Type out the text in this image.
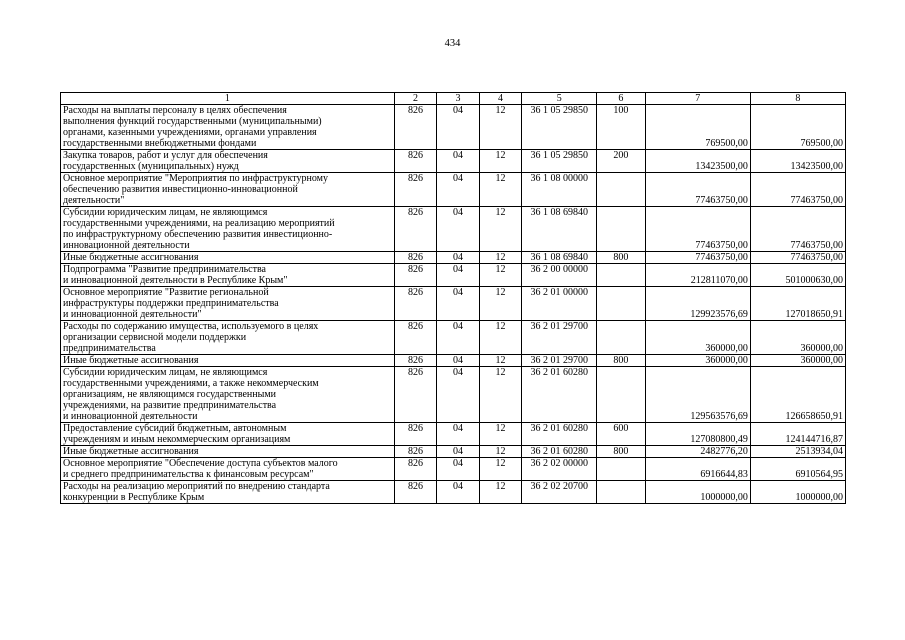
434
1	2	3	4	5	6	7	8
Расходы на выплаты персоналу в целях обеспечения
выполнения функций государственными (муниципальными)
органами, казенными учреждениями, органами управления
государственными внебюджетными фондами	826	04	12	36 1 05 29850	100	769500,00	769500,00
Закупка товаров, работ и услуг для обеспечения
государственных (муниципальных) нужд	826	04	12	36 1 05 29850	200	13423500,00	13423500,00
Основное мероприятие "Мероприятия по инфраструктурному
обеспечению развития инвестиционно-инновационной
деятельности"	826	04	12	36 1 08 00000		77463750,00	77463750,00
Субсидии юридическим лицам, не являющимся
государственными учреждениями, на реализацию мероприятий
по инфраструктурному обеспечению развития инвестиционно-
инновационной деятельности	826	04	12	36 1 08 69840		77463750,00	77463750,00
Иные бюджетные ассигнования	826	04	12	36 1 08 69840	800	77463750,00	77463750,00
Подпрограмма "Развитие предпринимательства
и инновационной деятельности в Республике Крым"	826	04	12	36 2 00 00000		212811070,00	501000630,00
Основное мероприятие "Развитие региональной
инфраструктуры поддержки предпринимательства
и инновационной деятельности"	826	04	12	36 2 01 00000		129923576,69	127018650,91
Расходы по содержанию имущества, используемого в целях
организации сервисной модели поддержки
предпринимательства	826	04	12	36 2 01 29700		360000,00	360000,00
Иные бюджетные ассигнования	826	04	12	36 2 01 29700	800	360000,00	360000,00
Субсидии юридическим лицам, не являющимся
государственными учреждениями, а также некоммерческим
организациям, не являющимся государственными
учреждениями, на развитие предпринимательства
и инновационной деятельности	826	04	12	36 2 01 60280		129563576,69	126658650,91
Предоставление субсидий бюджетным, автономным
учреждениям и иным некоммерческим организациям	826	04	12	36 2 01 60280	600	127080800,49	124144716,87
Иные бюджетные ассигнования	826	04	12	36 2 01 60280	800	2482776,20	2513934,04
Основное мероприятие "Обеспечение доступа субъектов малого
и среднего предпринимательства к финансовым ресурсам"	826	04	12	36 2 02 00000		6916644,83	6910564,95
Расходы на реализацию мероприятий по внедрению стандарта
конкуренции в Республике Крым	826	04	12	36 2 02 20700		1000000,00	1000000,00
